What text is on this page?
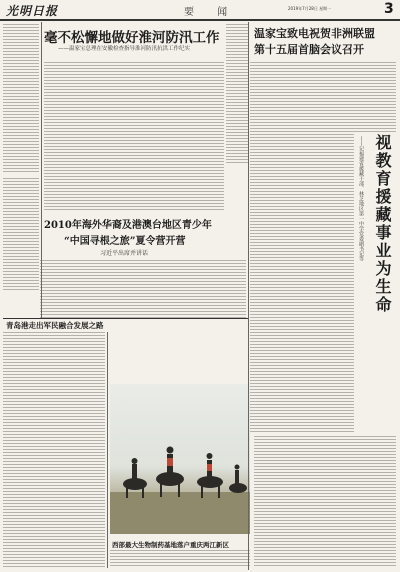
光明日报	要 闻	2019年7月28日 星期一	3
毫不松懈地做好淮河防汛工作
——温家宝总理在安徽检查指导淮河防汛抗洪工作纪实
温家宝致电祝贺非洲联盟
第十五届首脑会议召开
视教育援藏事业为生命
——记福建省援藏干部、林芝地区第一中学党委副书记等
2010年海外华裔及港澳台地区青少年
“中国寻根之旅”夏令营开营
习近平出席并讲话
青岛港走出军民融合发展之路
西部最大生物制药基地落户重庆两江新区
